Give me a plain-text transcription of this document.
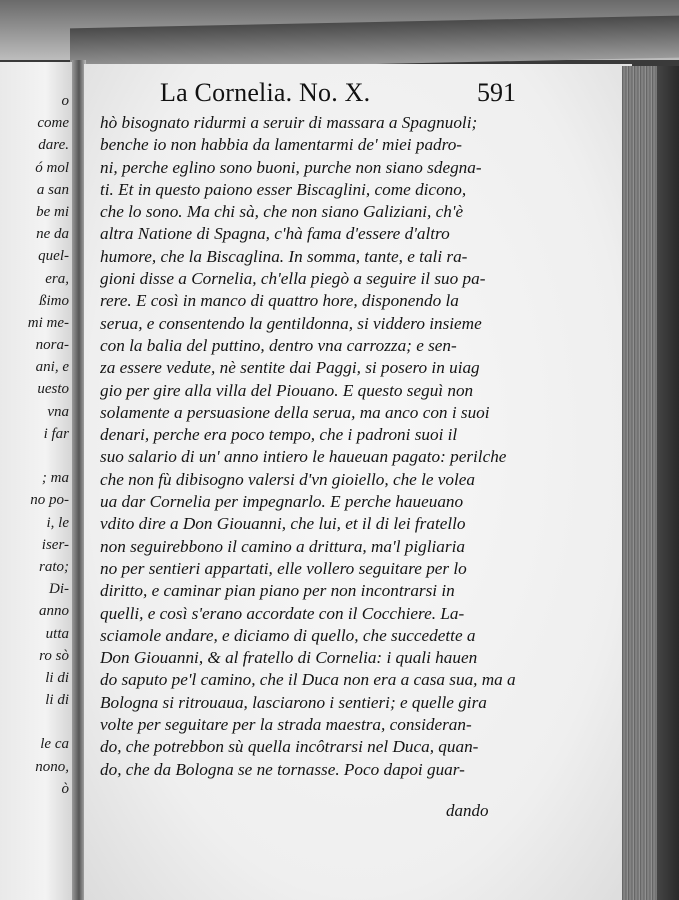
o
come
dare.
ó mol
a san
be mi
ne da
quel-
era,
ßimo
mi me-
nora-
ani, e
uesto
vna
i far
; ma
no po-
i, le
iser-
rato;
Di-
anno
utta
ro sò
li di
li di
le ca
nono,
ò
La Cornelia. No. X.	591
hò bisognato ridurmi a seruir di massara a Spagnuoli;
benche io non habbia da lamentarmi de' miei padro-
ni, perche eglino sono buoni, purche non siano sdegna-
ti. Et in questo paiono esser Biscaglini, come dicono,
che lo sono. Ma chi sà, che non siano Galiziani, ch'è
altra Natione di Spagna, c'hà fama d'essere d'altro
humore, che la Biscaglina. In somma, tante, e tali ra-
gioni disse a Cornelia, ch'ella piegò a seguire il suo pa-
rere. E così in manco di quattro hore, disponendo la
serua, e consentendo la gentildonna, si viddero insieme
con la balia del puttino, dentro vna carrozza; e sen-
za essere vedute, nè sentite dai Paggi, si posero in uiag
gio per gire alla villa del Piouano. E questo seguì non
solamente a persuasione della serua, ma anco con i suoi
denari, perche era poco tempo, che i padroni suoi il
suo salario di un' anno intiero le haueuan pagato: perilche
che non fù dibisogno valersi d'vn gioiello, che le volea
ua dar Cornelia per impegnarlo. E perche haueuano
vdito dire a Don Giouanni, che lui, et il di lei fratello
non seguirebbono il camino a drittura, ma'l pigliaria
no per sentieri appartati, elle vollero seguitare per lo
diritto, e caminar pian piano per non incontrarsi in
quelli, e così s'erano accordate con il Cocchiere. La-
sciamole andare, e diciamo di quello, che succedette a
Don Giouanni, & al fratello di Cornelia: i quali hauen
do saputo pe'l camino, che il Duca non era a casa sua, ma a
Bologna si ritrouaua, lasciarono i sentieri; e quelle gira
volte per seguitare per la strada maestra, consideran-
do, che potrebbon sù quella incôtrarsi nel Duca, quan-
do, che da Bologna se ne tornasse. Poco dapoi guar-
dando
